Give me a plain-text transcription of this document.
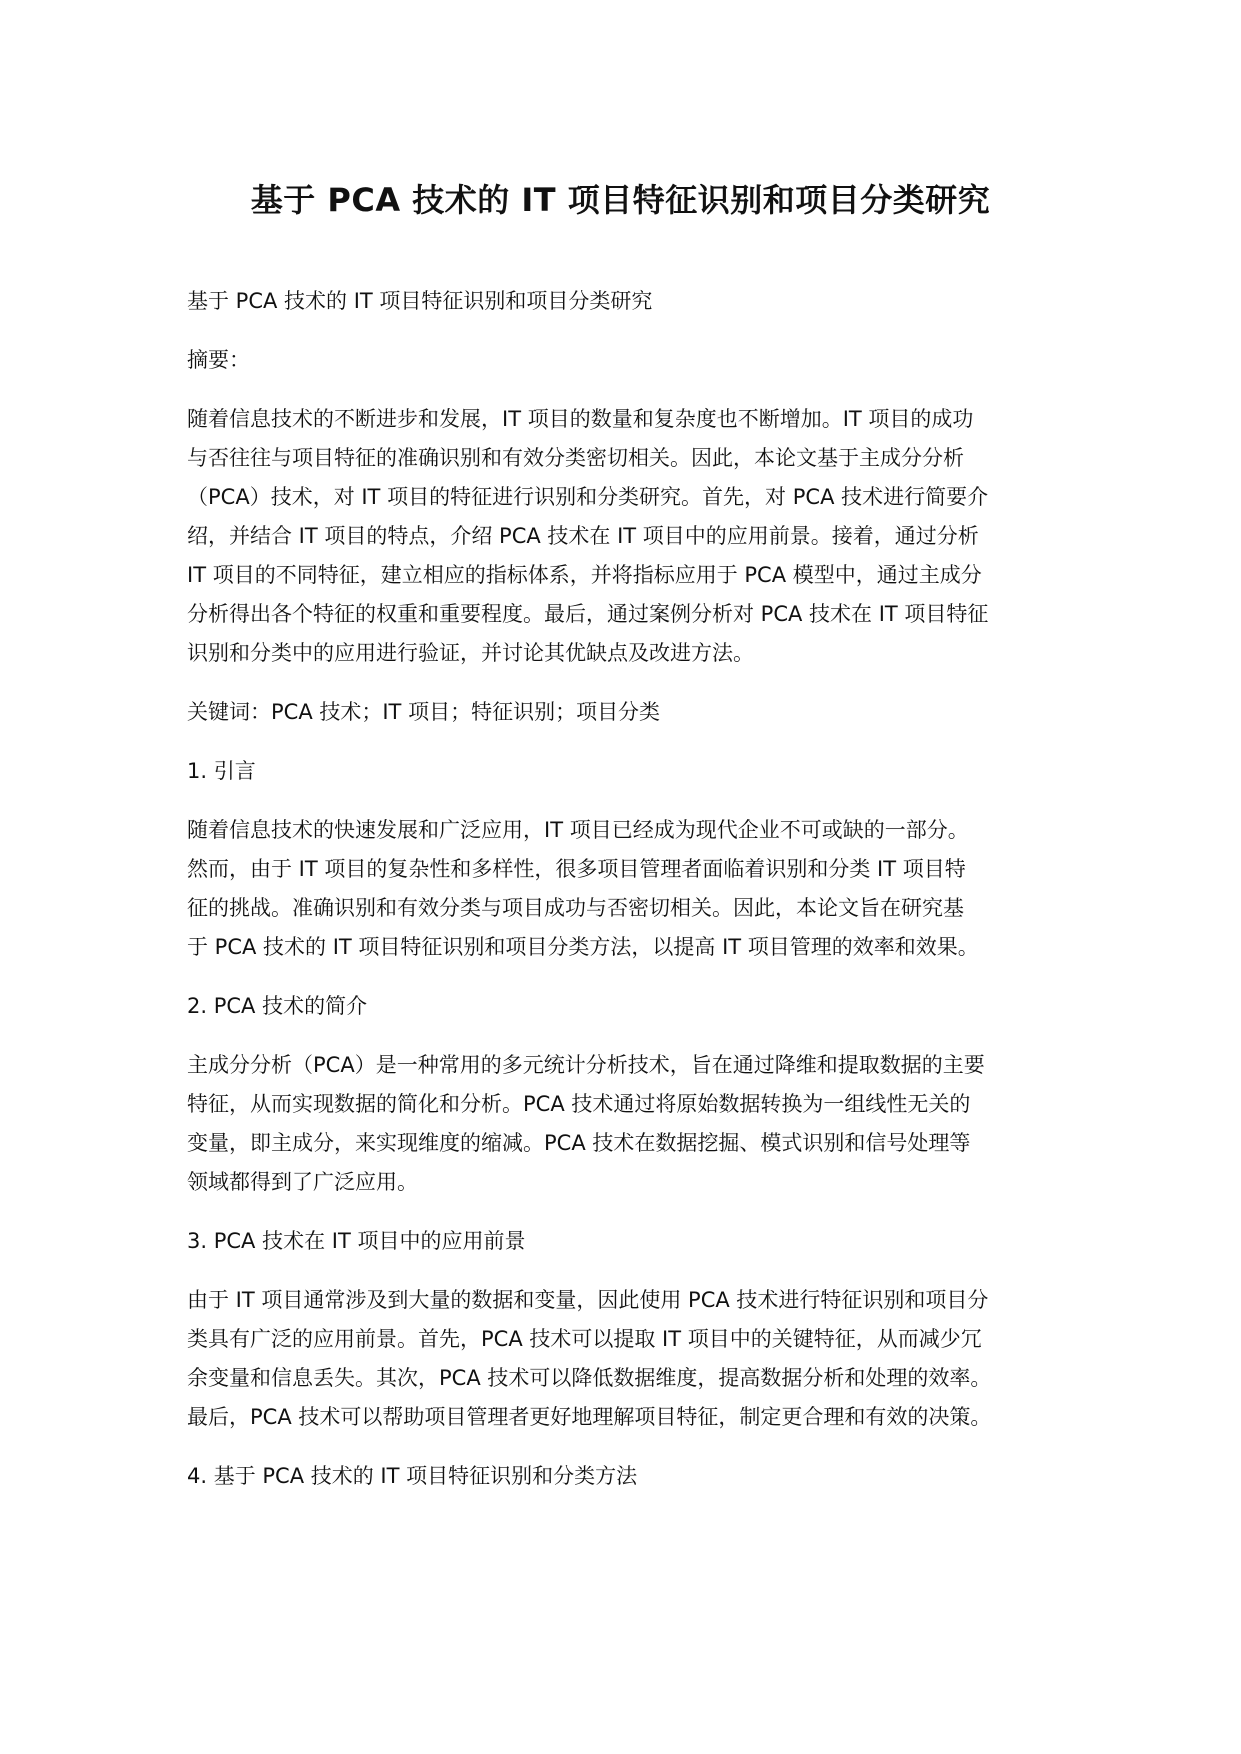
基于 PCA 技术的 IT 项目特征识别和项目分类研究

基于 PCA 技术的 IT 项目特征识别和项目分类研究

摘要：

随着信息技术的不断进步和发展，IT 项目的数量和复杂度也不断增加。IT 项目的成功
与否往往与项目特征的准确识别和有效分类密切相关。因此，本论文基于主成分分析
（PCA）技术，对 IT 项目的特征进行识别和分类研究。首先，对 PCA 技术进行简要介
绍，并结合 IT 项目的特点，介绍 PCA 技术在 IT 项目中的应用前景。接着，通过分析
IT 项目的不同特征，建立相应的指标体系，并将指标应用于 PCA 模型中，通过主成分
分析得出各个特征的权重和重要程度。最后，通过案例分析对 PCA 技术在 IT 项目特征
识别和分类中的应用进行验证，并讨论其优缺点及改进方法。

关键词：PCA 技术；IT 项目；特征识别；项目分类

1. 引言

随着信息技术的快速发展和广泛应用，IT 项目已经成为现代企业不可或缺的一部分。
然而，由于 IT 项目的复杂性和多样性，很多项目管理者面临着识别和分类 IT 项目特
征的挑战。准确识别和有效分类与项目成功与否密切相关。因此，本论文旨在研究基
于 PCA 技术的 IT 项目特征识别和项目分类方法，以提高 IT 项目管理的效率和效果。

2. PCA 技术的简介

主成分分析（PCA）是一种常用的多元统计分析技术，旨在通过降维和提取数据的主要
特征，从而实现数据的简化和分析。PCA 技术通过将原始数据转换为一组线性无关的
变量，即主成分，来实现维度的缩减。PCA 技术在数据挖掘、模式识别和信号处理等
领域都得到了广泛应用。

3. PCA 技术在 IT 项目中的应用前景

由于 IT 项目通常涉及到大量的数据和变量，因此使用 PCA 技术进行特征识别和项目分
类具有广泛的应用前景。首先，PCA 技术可以提取 IT 项目中的关键特征，从而减少冗
余变量和信息丢失。其次，PCA 技术可以降低数据维度，提高数据分析和处理的效率。
最后，PCA 技术可以帮助项目管理者更好地理解项目特征，制定更合理和有效的决策。

4. 基于 PCA 技术的 IT 项目特征识别和分类方法
